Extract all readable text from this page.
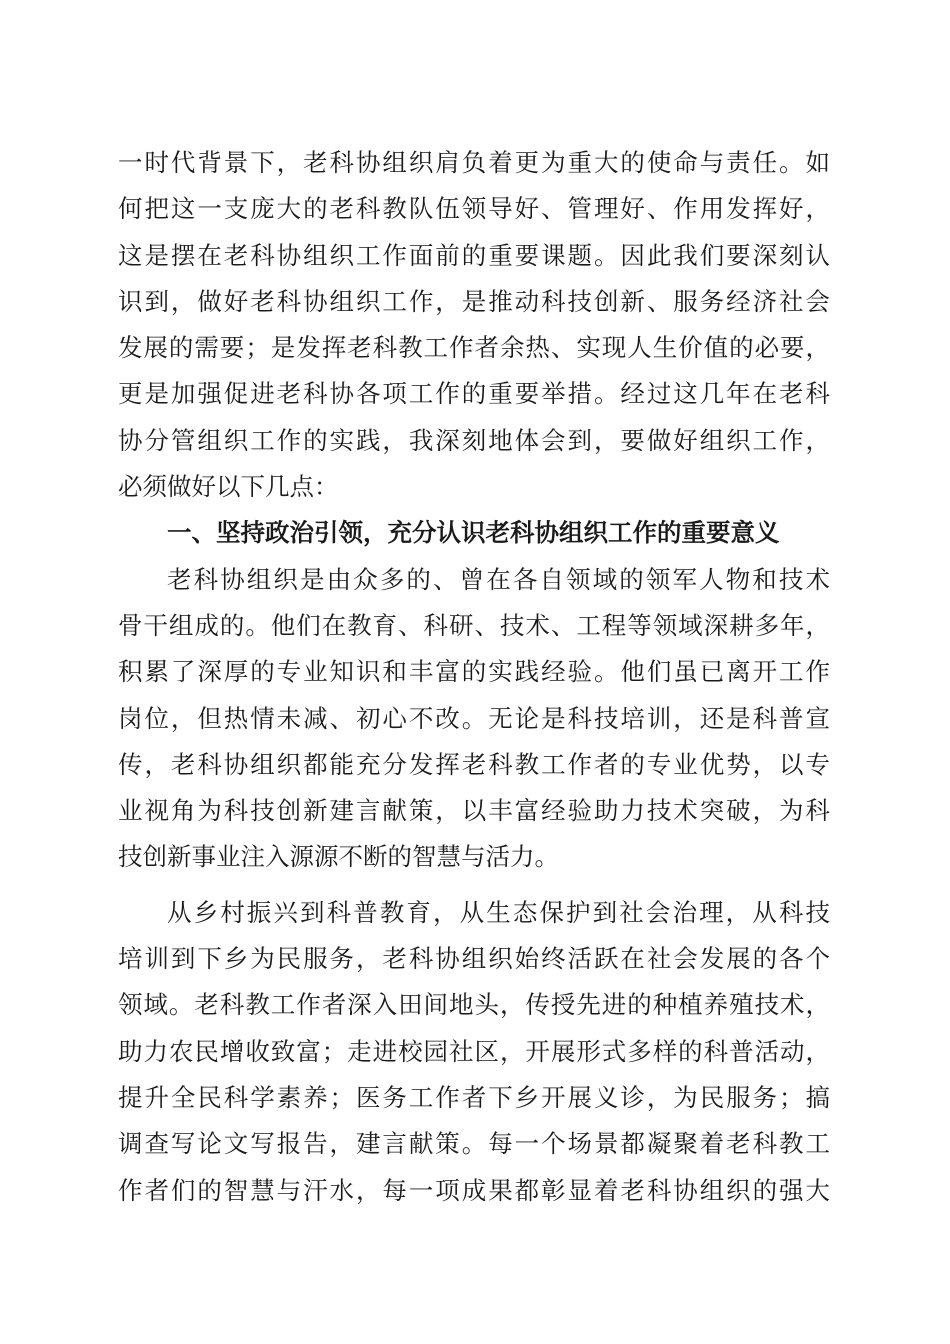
一时代背景下，老科协组织肩负着更为重大的使命与责任。如
何把这一支庞大的老科教队伍领导好、管理好、作用发挥好，
这是摆在老科协组织工作面前的重要课题。因此我们要深刻认
识到，做好老科协组织工作，是推动科技创新、服务经济社会
发展的需要；是发挥老科教工作者余热、实现人生价值的必要，
更是加强促进老科协各项工作的重要举措。经过这几年在老科
协分管组织工作的实践，我深刻地体会到，要做好组织工作，
必须做好以下几点：
一、坚持政治引领，充分认识老科协组织工作的重要意义
老科协组织是由众多的、曾在各自领域的领军人物和技术
骨干组成的。他们在教育、科研、技术、工程等领域深耕多年，
积累了深厚的专业知识和丰富的实践经验。他们虽已离开工作
岗位，但热情未减、初心不改。无论是科技培训，还是科普宣
传，老科协组织都能充分发挥老科教工作者的专业优势，以专
业视角为科技创新建言献策，以丰富经验助力技术突破，为科
技创新事业注入源源不断的智慧与活力。
从乡村振兴到科普教育，从生态保护到社会治理，从科技
培训到下乡为民服务，老科协组织始终活跃在社会发展的各个
领域。老科教工作者深入田间地头，传授先进的种植养殖技术，
助力农民增收致富；走进校园社区，开展形式多样的科普活动，
提升全民科学素养；医务工作者下乡开展义诊，为民服务；搞
调查写论文写报告，建言献策。每一个场景都凝聚着老科教工
作者们的智慧与汗水，每一项成果都彰显着老科协组织的强大
